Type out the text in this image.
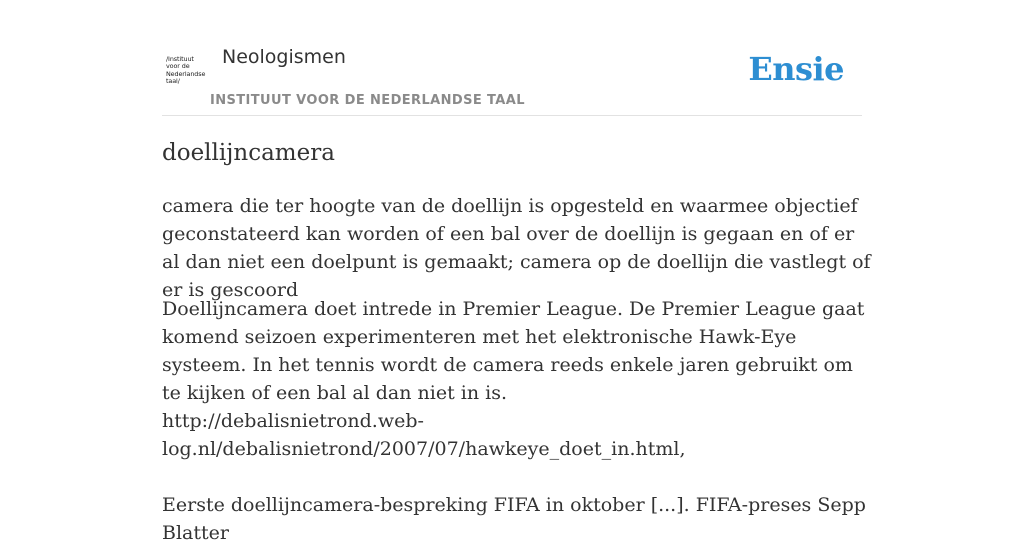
/Instituut
voor de
Nederlandse
taal/
Neologismen
INSTITUUT VOOR DE NEDERLANDSE TAAL
Ensie
doellijncamera

camera die ter hoogte van de doellijn is opgesteld en waarmee objectief geconstateerd kan worden of een bal over de doellijn is gegaan en of er al dan niet een doelpunt is gemaakt; camera op de doellijn die vastlegt of er is gescoord

Doellijncamera doet intrede in Premier League. De Premier League gaat komend seizoen experimenteren met het elektronische Hawk-Eye systeem. In het tennis wordt de camera reeds enkele jaren gebruikt om te kijken of een bal al dan niet in is.

http://debalisnietrond.web-
log.nl/debalisnietrond/2007/07/hawkeye_doet_in.html,

Eerste doellijncamera-bespreking FIFA in oktober [...]. FIFA-preses Sepp Blatter
